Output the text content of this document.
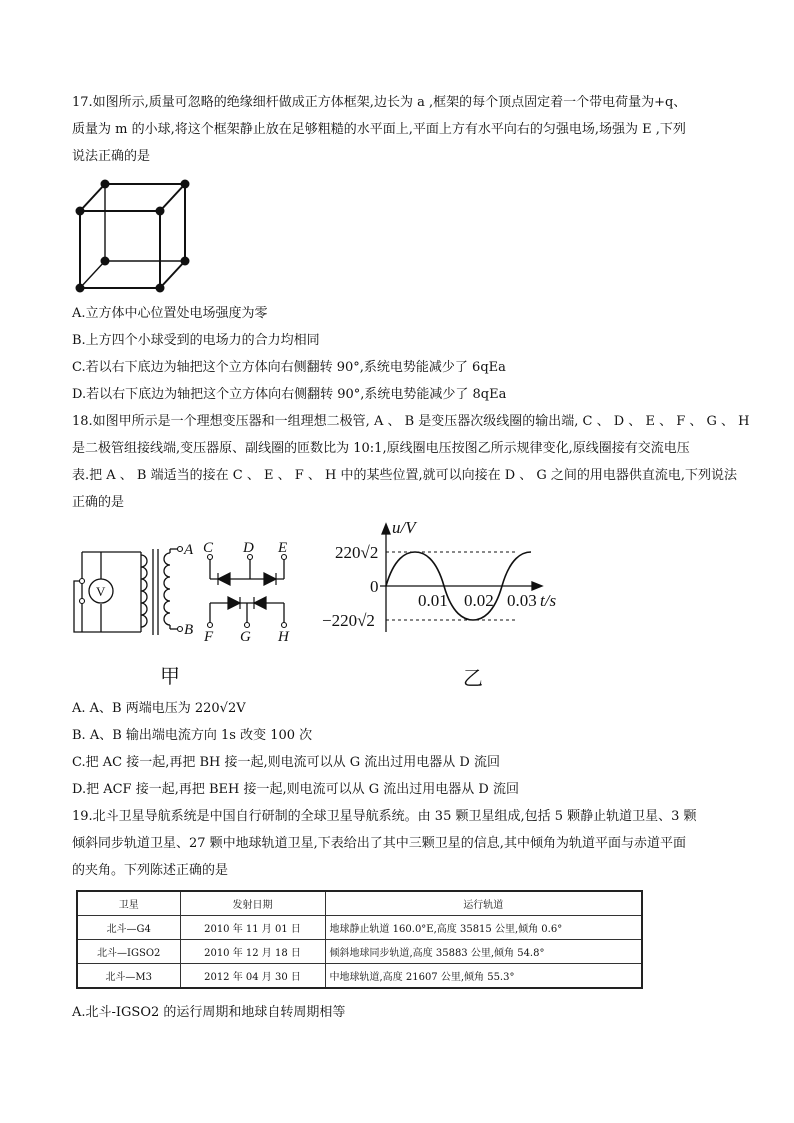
17.如图所示,质量可忽略的绝缘细杆做成正方体框架,边长为 a ,框架的每个顶点固定着一个带电荷量为+q、
质量为 m 的小球,将这个框架静止放在足够粗糙的水平面上,平面上方有水平向右的匀强电场,场强为 E ,下列
说法正确的是
A.立方体中心位置处电场强度为零
B.上方四个小球受到的电场力的合力均相同
C.若以右下底边为轴把这个立方体向右侧翻转 90°,系统电势能减少了 6qEa
D.若以右下底边为轴把这个立方体向右侧翻转 90°,系统电势能减少了 8qEa
18.如图甲所示是一个理想变压器和一组理想二极管, A 、 B 是变压器次级线圈的输出端, C 、 D 、 E 、 F 、 G 、 H
是二极管组接线端,变压器原、副线圈的匝数比为 10:1,原线圈电压按图乙所示规律变化,原线圈接有交流电压
表.把 A 、 B 端适当的接在 C 、 E 、 F 、 H 中的某些位置,就可以向接在 D 、 G 之间的用电器供直流电,下列说法
正确的是
V
A
B
C D E
F G H
甲
u/V
t/s
220√2
0
−220√2
0.01 0.02 0.03
乙
A. A、B 两端电压为 220√2V
B. A、B 输出端电流方向 1s 改变 100 次
C.把 AC 接一起,再把 BH 接一起,则电流可以从 G 流出过用电器从 D 流回
D.把 ACF 接一起,再把 BEH 接一起,则电流可以从 G 流出过用电器从 D 流回
19.北斗卫星导航系统是中国自行研制的全球卫星导航系统。由 35 颗卫星组成,包括 5 颗静止轨道卫星、3 颗
倾斜同步轨道卫星、27 颗中地球轨道卫星,下表给出了其中三颗卫星的信息,其中倾角为轨道平面与赤道平面
的夹角。下列陈述正确的是
卫星	发射日期	运行轨道
北斗—G4	2010 年 11 月 01 日	地球静止轨道 160.0°E,高度 35815 公里,倾角 0.6°
北斗—IGSO2	2010 年 12 月 18 日	倾斜地球同步轨道,高度 35883 公里,倾角 54.8°
北斗—M3	2012 年 04 月 30 日	中地球轨道,高度 21607 公里,倾角 55.3°
A.北斗-IGSO2 的运行周期和地球自转周期相等
